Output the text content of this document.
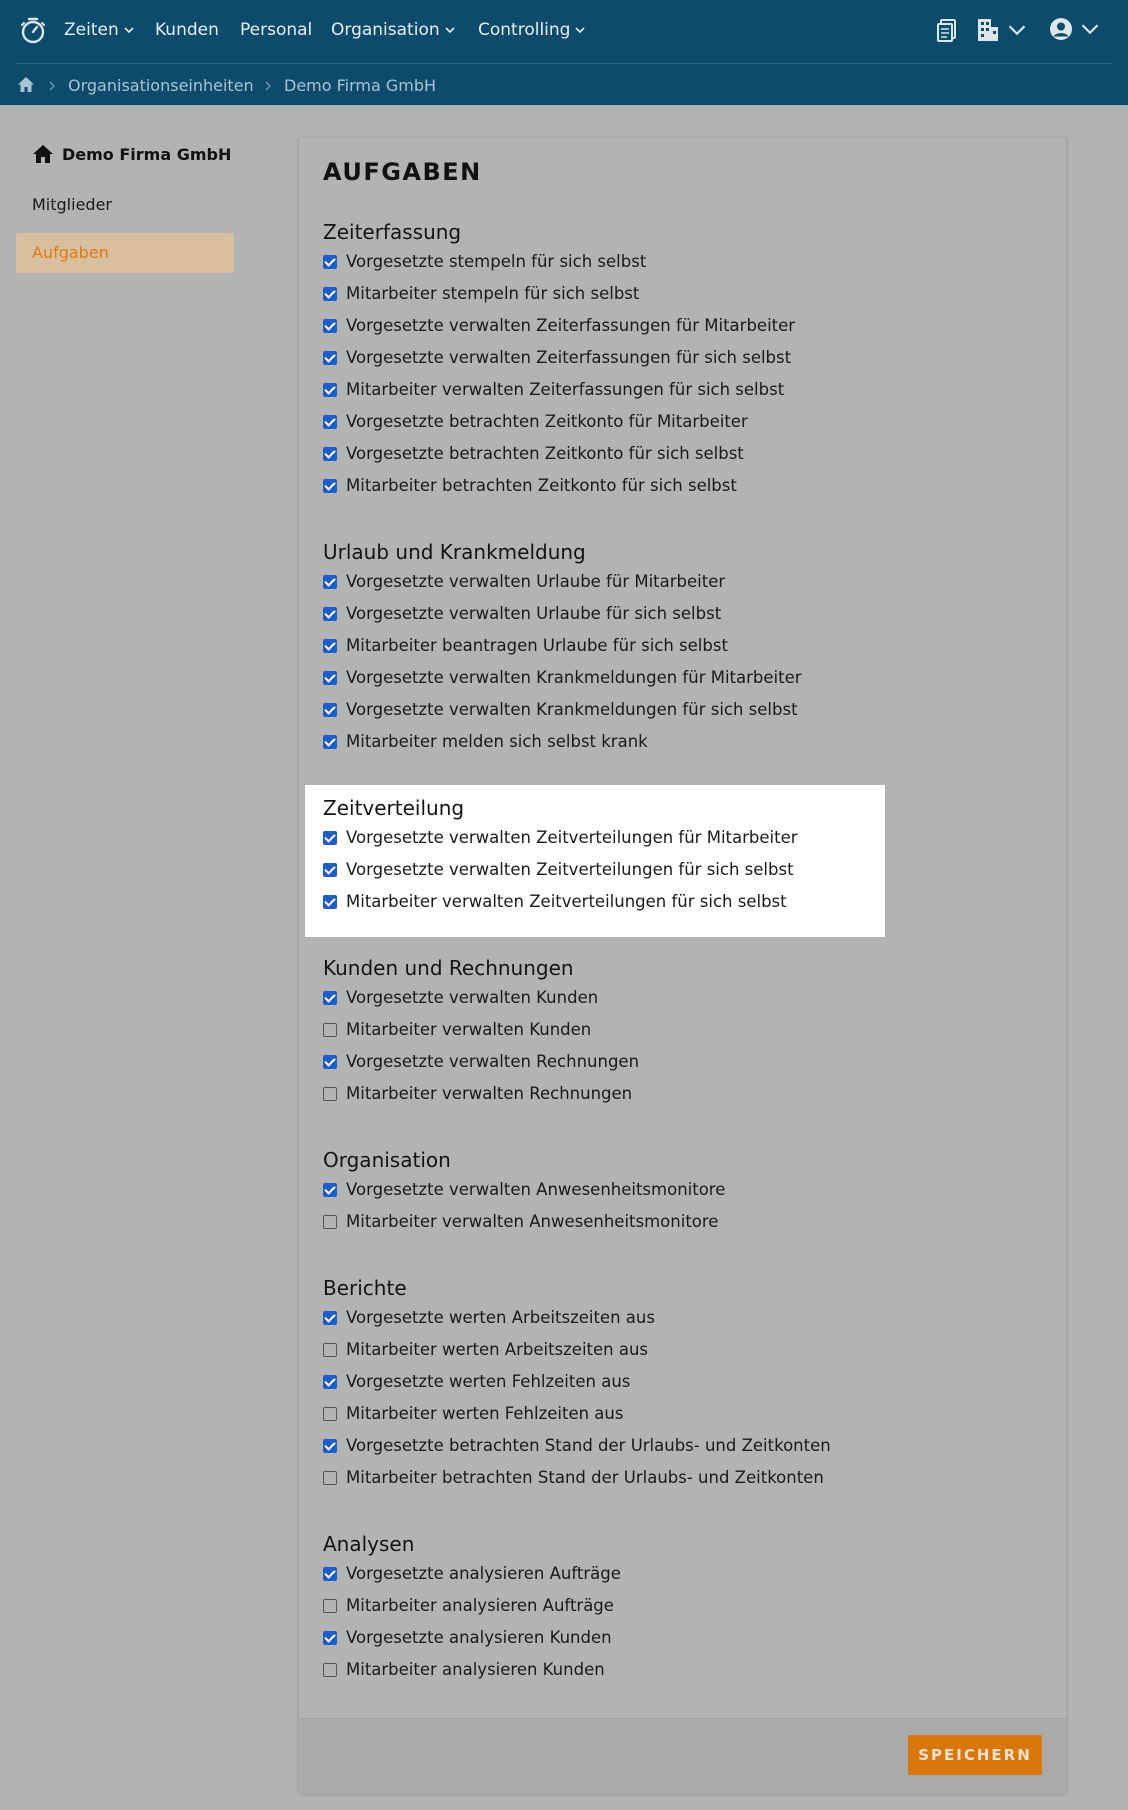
Zeiten Kunden Personal Organisation Controlling
Organisationseinheiten Demo Firma GmbH
Demo Firma GmbH
Mitglieder
Aufgaben
AUFGABEN
Zeiterfassung
Vorgesetzte stempeln für sich selbst
Mitarbeiter stempeln für sich selbst
Vorgesetzte verwalten Zeiterfassungen für Mitarbeiter
Vorgesetzte verwalten Zeiterfassungen für sich selbst
Mitarbeiter verwalten Zeiterfassungen für sich selbst
Vorgesetzte betrachten Zeitkonto für Mitarbeiter
Vorgesetzte betrachten Zeitkonto für sich selbst
Mitarbeiter betrachten Zeitkonto für sich selbst
Urlaub und Krankmeldung
Vorgesetzte verwalten Urlaube für Mitarbeiter
Vorgesetzte verwalten Urlaube für sich selbst
Mitarbeiter beantragen Urlaube für sich selbst
Vorgesetzte verwalten Krankmeldungen für Mitarbeiter
Vorgesetzte verwalten Krankmeldungen für sich selbst
Mitarbeiter melden sich selbst krank
Zeitverteilung
Vorgesetzte verwalten Zeitverteilungen für Mitarbeiter
Vorgesetzte verwalten Zeitverteilungen für sich selbst
Mitarbeiter verwalten Zeitverteilungen für sich selbst
Kunden und Rechnungen
Vorgesetzte verwalten Kunden
Mitarbeiter verwalten Kunden
Vorgesetzte verwalten Rechnungen
Mitarbeiter verwalten Rechnungen
Organisation
Vorgesetzte verwalten Anwesenheitsmonitore
Mitarbeiter verwalten Anwesenheitsmonitore
Berichte
Vorgesetzte werten Arbeitszeiten aus
Mitarbeiter werten Arbeitszeiten aus
Vorgesetzte werten Fehlzeiten aus
Mitarbeiter werten Fehlzeiten aus
Vorgesetzte betrachten Stand der Urlaubs- und Zeitkonten
Mitarbeiter betrachten Stand der Urlaubs- und Zeitkonten
Analysen
Vorgesetzte analysieren Aufträge
Mitarbeiter analysieren Aufträge
Vorgesetzte analysieren Kunden
Mitarbeiter analysieren Kunden
SPEICHERN
